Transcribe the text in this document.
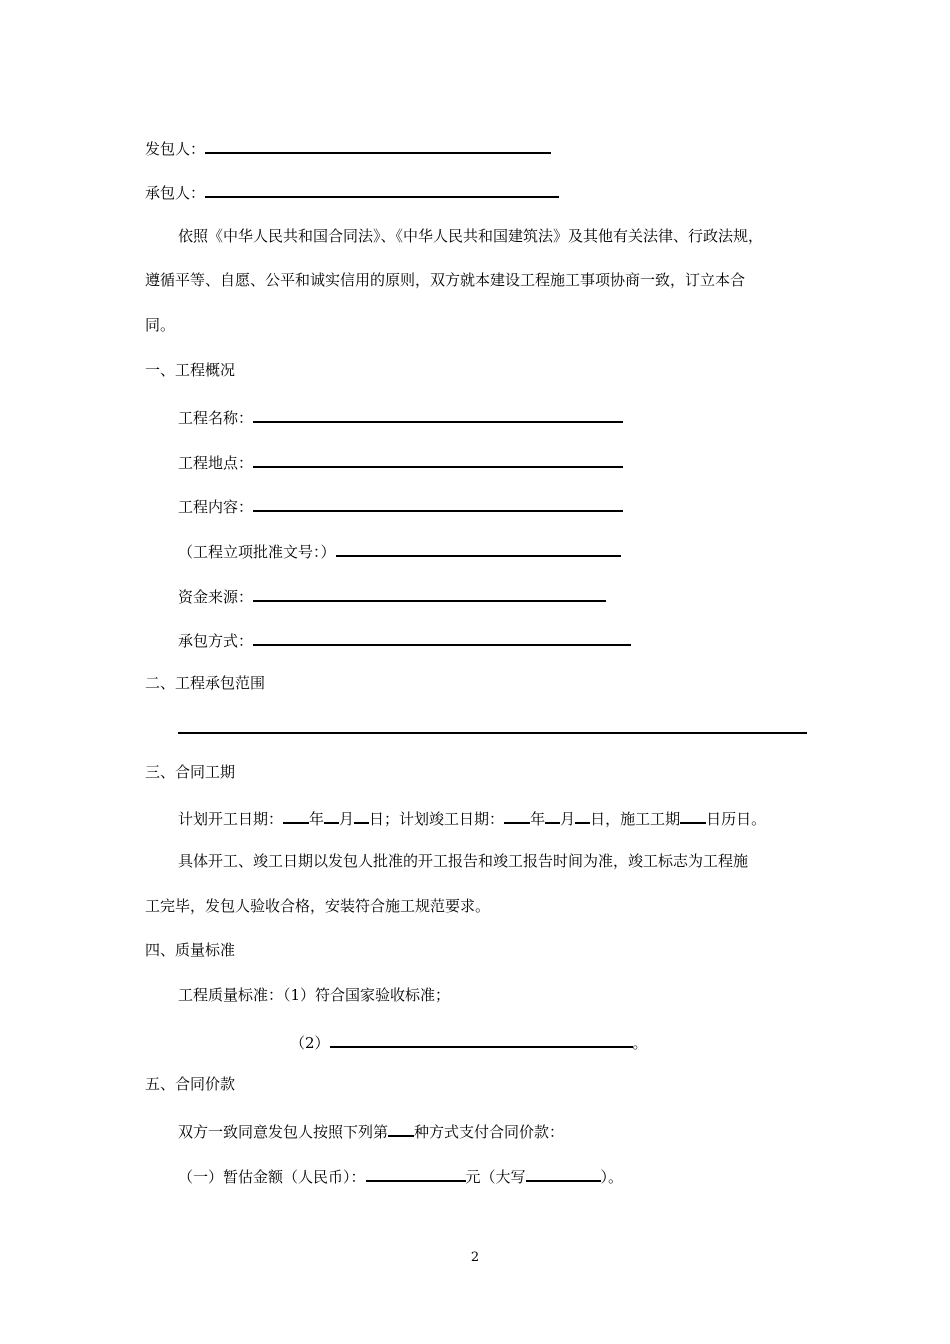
发包人：
承包人：
依照《中华人民共和国合同法》、《中华人民共和国建筑法》及其他有关法律、行政法规，
遵循平等、自愿、公平和诚实信用的原则，双方就本建设工程施工事项协商一致，订立本合
同。
一、工程概况
工程名称：
工程地点：
工程内容：
（工程立项批准文号：）
资金来源：
承包方式：
二、工程承包范围
三、合同工期
计划开工日期： 年 月 日；计划竣工日期： 年 月 日，施工工期 日历日。
具体开工、竣工日期以发包人批准的开工报告和竣工报告时间为准，竣工标志为工程施
工完毕，发包人验收合格，安装符合施工规范要求。
四、质量标准
工程质量标准：（1）符合国家验收标准；
（2）	。
五、合同价款
双方一致同意发包人按照下列第 种方式支付合同价款：
（一）暂估金额（人民币）：	元（大写	）。
2
